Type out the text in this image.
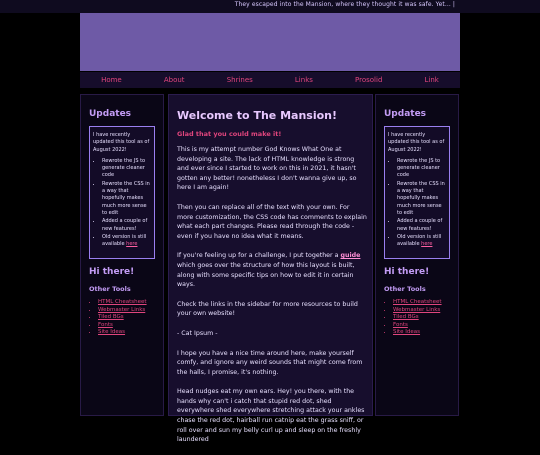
They escaped into the Mansion, where they thought it was safe. Yet... |
Home	About	Shrines	Links	Prosolid	Link
Updates
I have recently updated this tool as of August 2022!
• Rewrote the JS to generate cleaner code
• Rewrote the CSS in a way that hopefully makes much more sense to edit
• Added a couple of new features!
• Old version is still available here
Hi there!
Other Tools
• HTML Cheatsheet
• Webmaster Links
• Tiled BGs
• Fonts
• Site Ideas
Welcome to The Mansion!
Glad that you could make it!

This is my attempt number God Knows What One at developing a site. The lack of HTML knowledge is strong and ever since I started to work on this in 2021, it hasn't gotten any better! nonetheless I don't wanna give up, so here I am again!

Then you can replace all of the text with your own. For more customization, the CSS code has comments to explain what each part changes. Please read through the code - even if you have no idea what it means.

If you're feeling up for a challenge, I put together a guide which goes over the structure of how this layout is built, along with some specific tips on how to edit it in certain ways.

Check the links in the sidebar for more resources to build your own website!

- Cat Ipsum -

I hope you have a nice time around here, make yourself comfy, and ignore any weird sounds that might come from the halls, I promise, it's nothing.

Head nudges eat my own ears. Hey! you there, with the hands why can't i catch that stupid red dot, shed everywhere shed everywhere stretching attack your ankles chase the red dot, hairball run catnip eat the grass sniff, or roll over and sun my belly curl up and sleep on the freshly laundered

Updates
I have recently updated this tool as of August 2022!
• Rewrote the JS to generate cleaner code
• Rewrote the CSS in a way that hopefully makes much more sense to edit
• Added a couple of new features!
• Old version is still available here
Hi there!
Other Tools
• HTML Cheatsheet
• Webmaster Links
• Tiled BGs
• Fonts
• Site Ideas
